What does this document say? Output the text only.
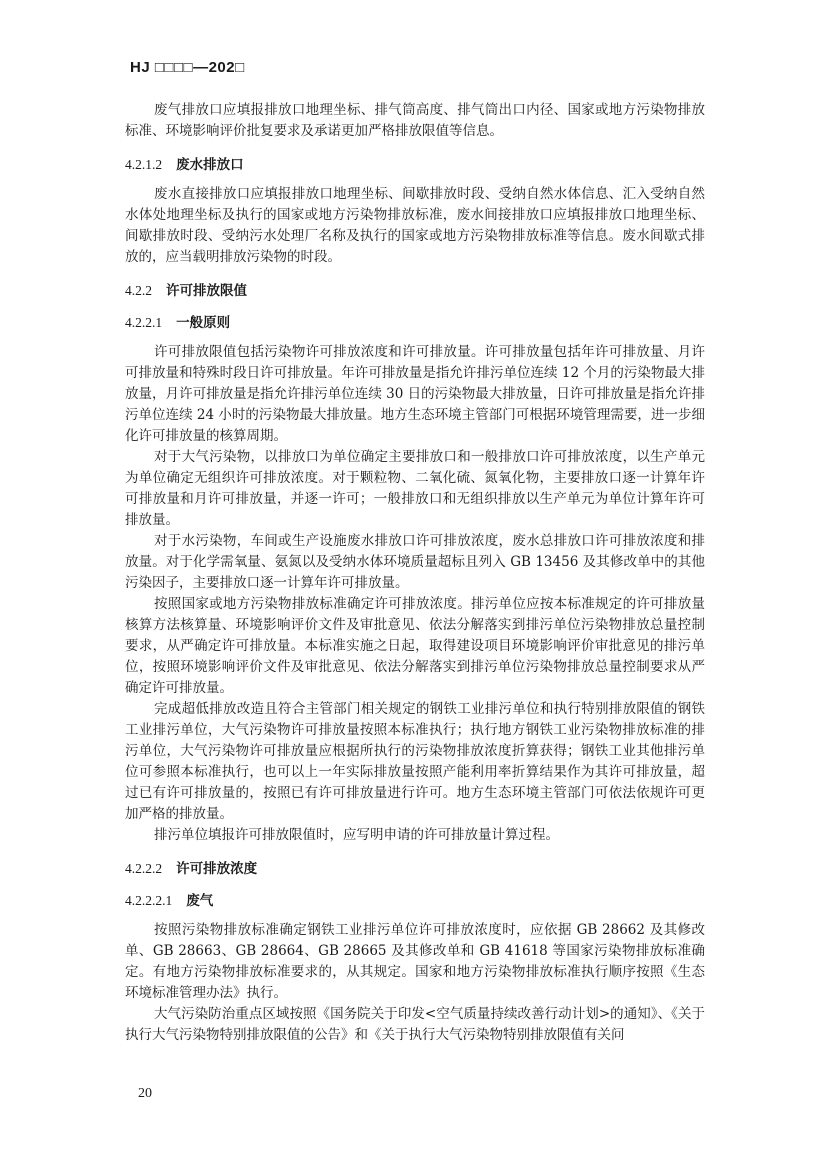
HJ □□□□—202□

废气排放口应填报排放口地理坐标、排气筒高度、排气筒出口内径、国家或地方污染物排放标准、环境影响评价批复要求及承诺更加严格排放限值等信息。

4.2.1.2 废水排放口

废水直接排放口应填报排放口地理坐标、间歇排放时段、受纳自然水体信息、汇入受纳自然水体处地理坐标及执行的国家或地方污染物排放标准，废水间接排放口应填报排放口地理坐标、间歇排放时段、受纳污水处理厂名称及执行的国家或地方污染物排放标准等信息。废水间歇式排放的，应当载明排放污染物的时段。

4.2.2 许可排放限值
4.2.2.1 一般原则

许可排放限值包括污染物许可排放浓度和许可排放量。许可排放量包括年许可排放量、月许可排放量和特殊时段日许可排放量。年许可排放量是指允许排污单位连续 12 个月的污染物最大排放量，月许可排放量是指允许排污单位连续 30 日的污染物最大排放量，日许可排放量是指允许排污单位连续 24 小时的污染物最大排放量。地方生态环境主管部门可根据环境管理需要，进一步细化许可排放量的核算周期。

对于大气污染物，以排放口为单位确定主要排放口和一般排放口许可排放浓度，以生产单元为单位确定无组织许可排放浓度。对于颗粒物、二氧化硫、氮氧化物，主要排放口逐一计算年许可排放量和月许可排放量，并逐一许可；一般排放口和无组织排放以生产单元为单位计算年许可排放量。

对于水污染物，车间或生产设施废水排放口许可排放浓度，废水总排放口许可排放浓度和排放量。对于化学需氧量、氨氮以及受纳水体环境质量超标且列入 GB 13456 及其修改单中的其他污染因子，主要排放口逐一计算年许可排放量。

按照国家或地方污染物排放标准确定许可排放浓度。排污单位应按本标准规定的许可排放量核算方法核算量、环境影响评价文件及审批意见、依法分解落实到排污单位污染物排放总量控制要求，从严确定许可排放量。本标准实施之日起，取得建设项目环境影响评价审批意见的排污单位，按照环境影响评价文件及审批意见、依法分解落实到排污单位污染物排放总量控制要求从严确定许可排放量。

完成超低排放改造且符合主管部门相关规定的钢铁工业排污单位和执行特别排放限值的钢铁工业排污单位，大气污染物许可排放量按照本标准执行；执行地方钢铁工业污染物排放标准的排污单位，大气污染物许可排放量应根据所执行的污染物排放浓度折算获得；钢铁工业其他排污单位可参照本标准执行，也可以上一年实际排放量按照产能利用率折算结果作为其许可排放量，超过已有许可排放量的，按照已有许可排放量进行许可。地方生态环境主管部门可依法依规许可更加严格的排放量。

排污单位填报许可排放限值时，应写明申请的许可排放量计算过程。

4.2.2.2 许可排放浓度
4.2.2.2.1 废气

按照污染物排放标准确定钢铁工业排污单位许可排放浓度时，应依据 GB 28662 及其修改单、GB 28663、GB 28664、GB 28665 及其修改单和 GB 41618 等国家污染物排放标准确定。有地方污染物排放标准要求的，从其规定。国家和地方污染物排放标准执行顺序按照《生态环境标准管理办法》执行。

大气污染防治重点区域按照《国务院关于印发<空气质量持续改善行动计划>的通知》、《关于执行大气污染物特别排放限值的公告》和《关于执行大气污染物特别排放限值有关问

20
